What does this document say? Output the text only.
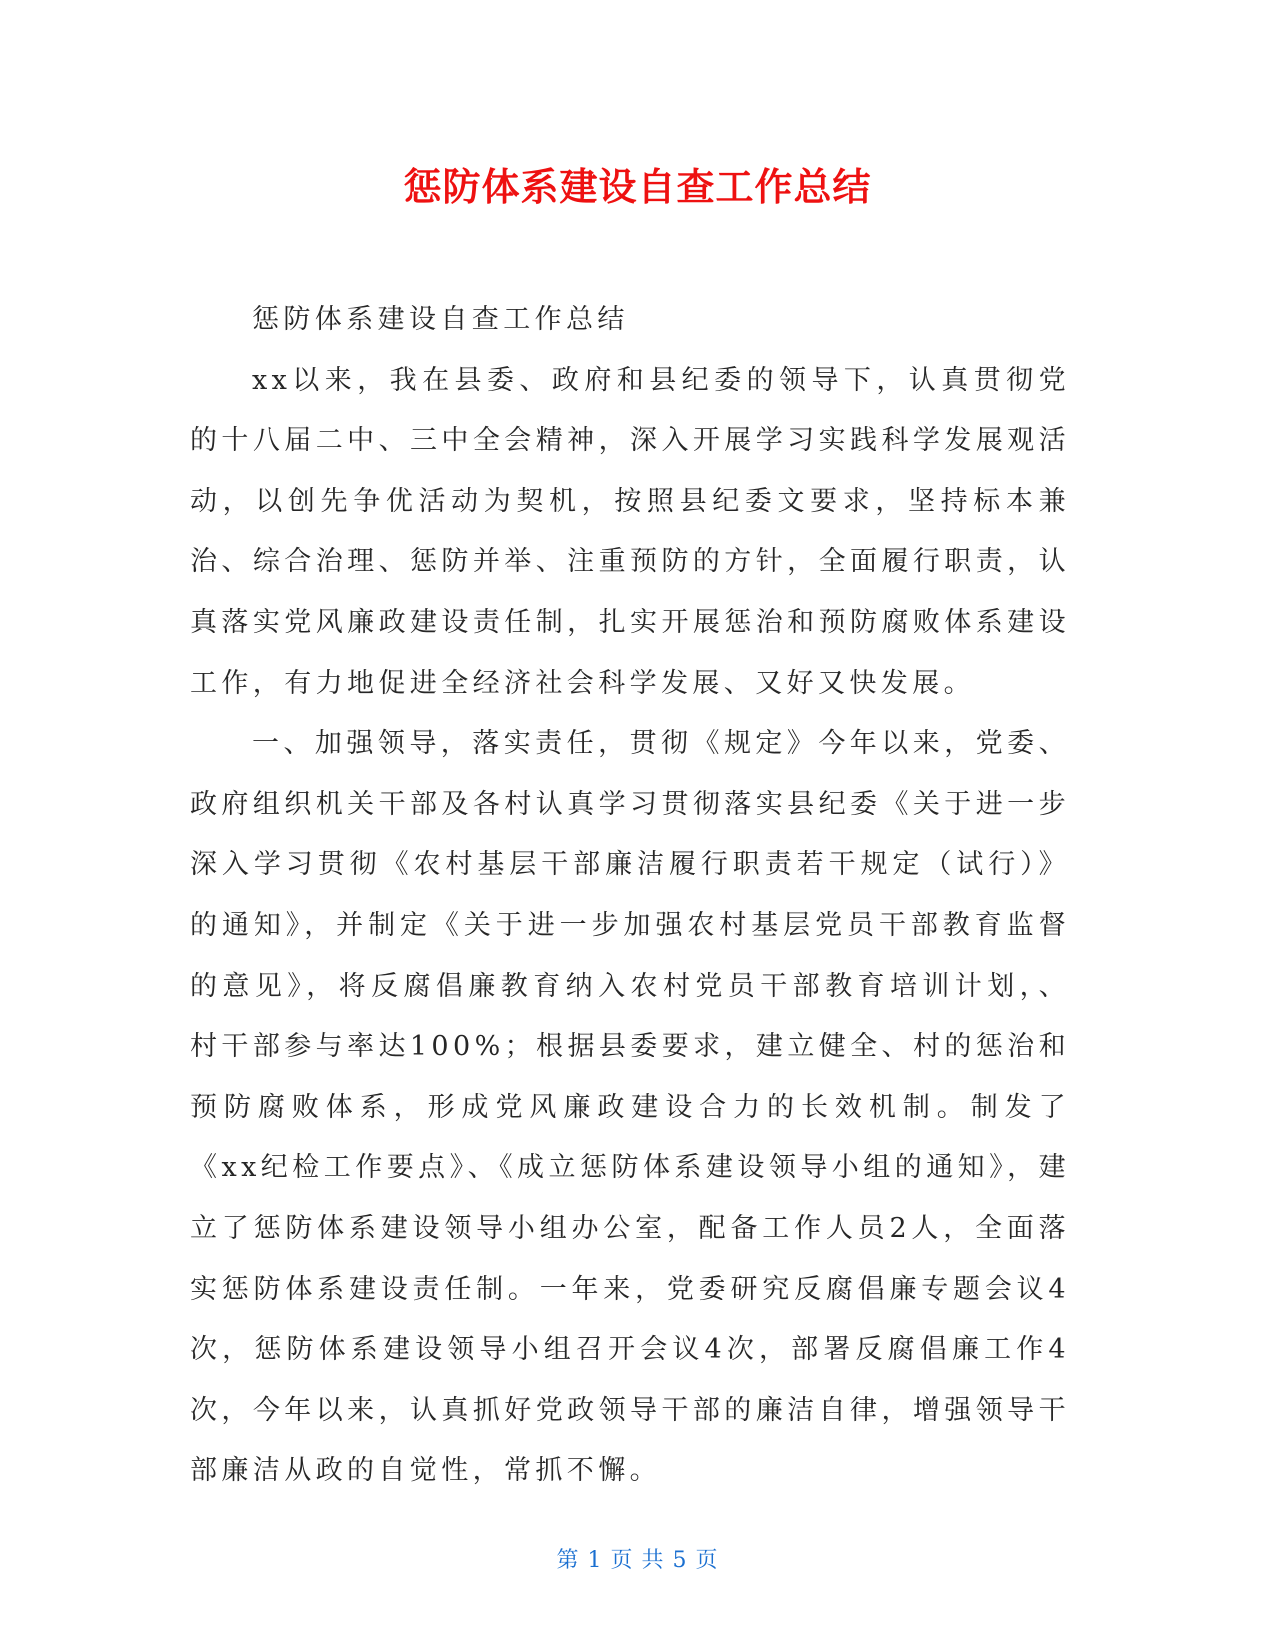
惩防体系建设自查工作总结

惩防体系建设自查工作总结

xx以来，我在县委、政府和县纪委的领导下，认真贯彻党的十八届二中、三中全会精神，深入开展学习实践科学发展观活动，以创先争优活动为契机，按照县纪委文要求，坚持标本兼治、综合治理、惩防并举、注重预防的方针，全面履行职责，认真落实党风廉政建设责任制，扎实开展惩治和预防腐败体系建设工作，有力地促进全经济社会科学发展、又好又快发展。

一、加强领导，落实责任，贯彻《规定》今年以来，党委、政府组织机关干部及各村认真学习贯彻落实县纪委《关于进一步深入学习贯彻《农村基层干部廉洁履行职责若干规定（试行）》的通知》，并制定《关于进一步加强农村基层党员干部教育监督的意见》，将反腐倡廉教育纳入农村党员干部教育培训计划，、村干部参与率达100%；根据县委要求，建立健全、村的惩治和预防腐败体系，形成党风廉政建设合力的长效机制。制发了《xx纪检工作要点》、《成立惩防体系建设领导小组的通知》，建立了惩防体系建设领导小组办公室，配备工作人员2人，全面落实惩防体系建设责任制。一年来，党委研究反腐倡廉专题会议4次，惩防体系建设领导小组召开会议4次，部署反腐倡廉工作4次，今年以来，认真抓好党政领导干部的廉洁自律，增强领导干部廉洁从政的自觉性，常抓不懈。

第 1 页 共 5 页
